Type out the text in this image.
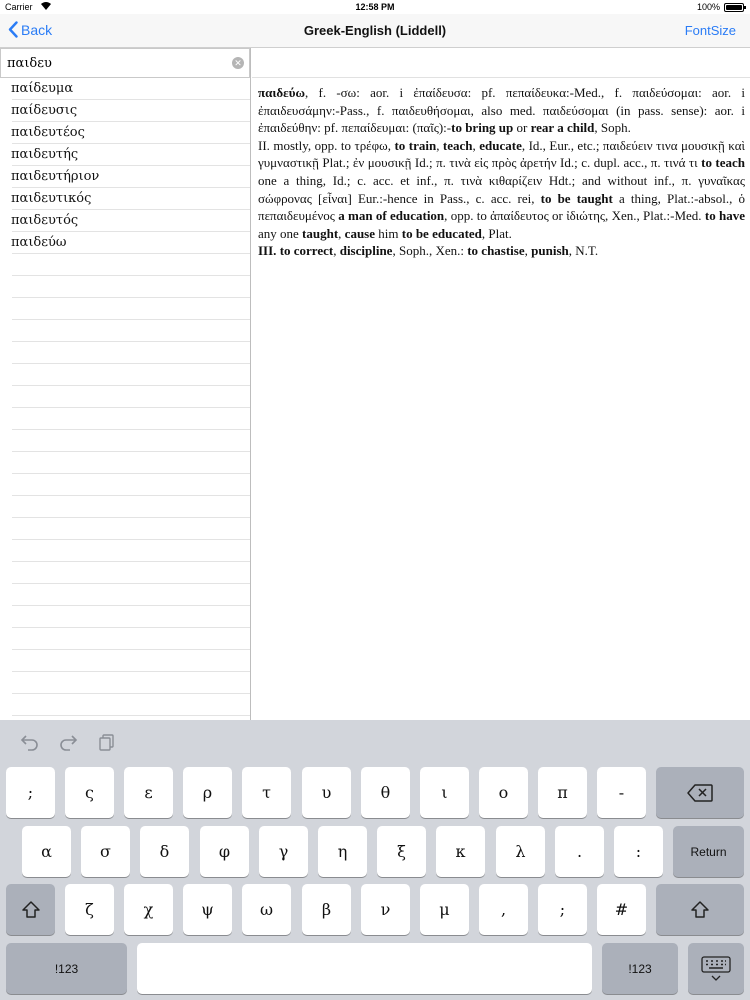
Carrier	12:58 PM	100%
Back	Greek-English (Liddell)	FontSize
παιδευ
✕
παίδευμα
παίδευσις
παιδευτέος
παιδευτής
παιδευτήριον
παιδευτικός
παιδευτός
παιδεύω
παιδεύω, f. -σω: aor. i ἐπαίδευσα: pf. πεπαίδευκα:-Med., f. παιδεύσομαι: aor. i ἐπαιδευσάμην:-Pass., f. παιδευθήσομαι, also med. παιδεύσομαι (in pass. sense): aor. i ἐπαιδεύθην: pf. πεπαίδευμαι: (παῖς):-to bring up or rear a child, Soph.
II. mostly, opp. to τρέφω, to train, teach, educate, Id., Eur., etc.; παιδεύειν τινα μουσικῇ καὶ γυμναστικῇ Plat.; ἐν μουσικῇ Id.; π. τινὰ εἰς πρὸς ἀρετήν Id.; c. dupl. acc., π. τινά τι to teach one a thing, Id.; c. acc. et inf., π. τινὰ κιθαρίζειν Hdt.; and without inf., π. γυναῖκας σώφρονας [εἶναι] Eur.:-hence in Pass., c. acc. rei, to be taught a thing, Plat.:-absol., ὁ πεπαιδευμένος a man of education, opp. to ἀπαίδευτος or ἰδιώτης, Xen., Plat.:-Med. to have any one taught, cause him to be educated, Plat.
III. to correct, discipline, Soph., Xen.: to chastise, punish, N.T.
;	ς	ε	ρ	τ	υ	θ	ι	ο	π	-
α	σ	δ	φ	γ	η	ξ	κ	λ	.	:	Return
ζ	χ	ψ	ω	β	ν	μ	,	;	#
!123	!123
